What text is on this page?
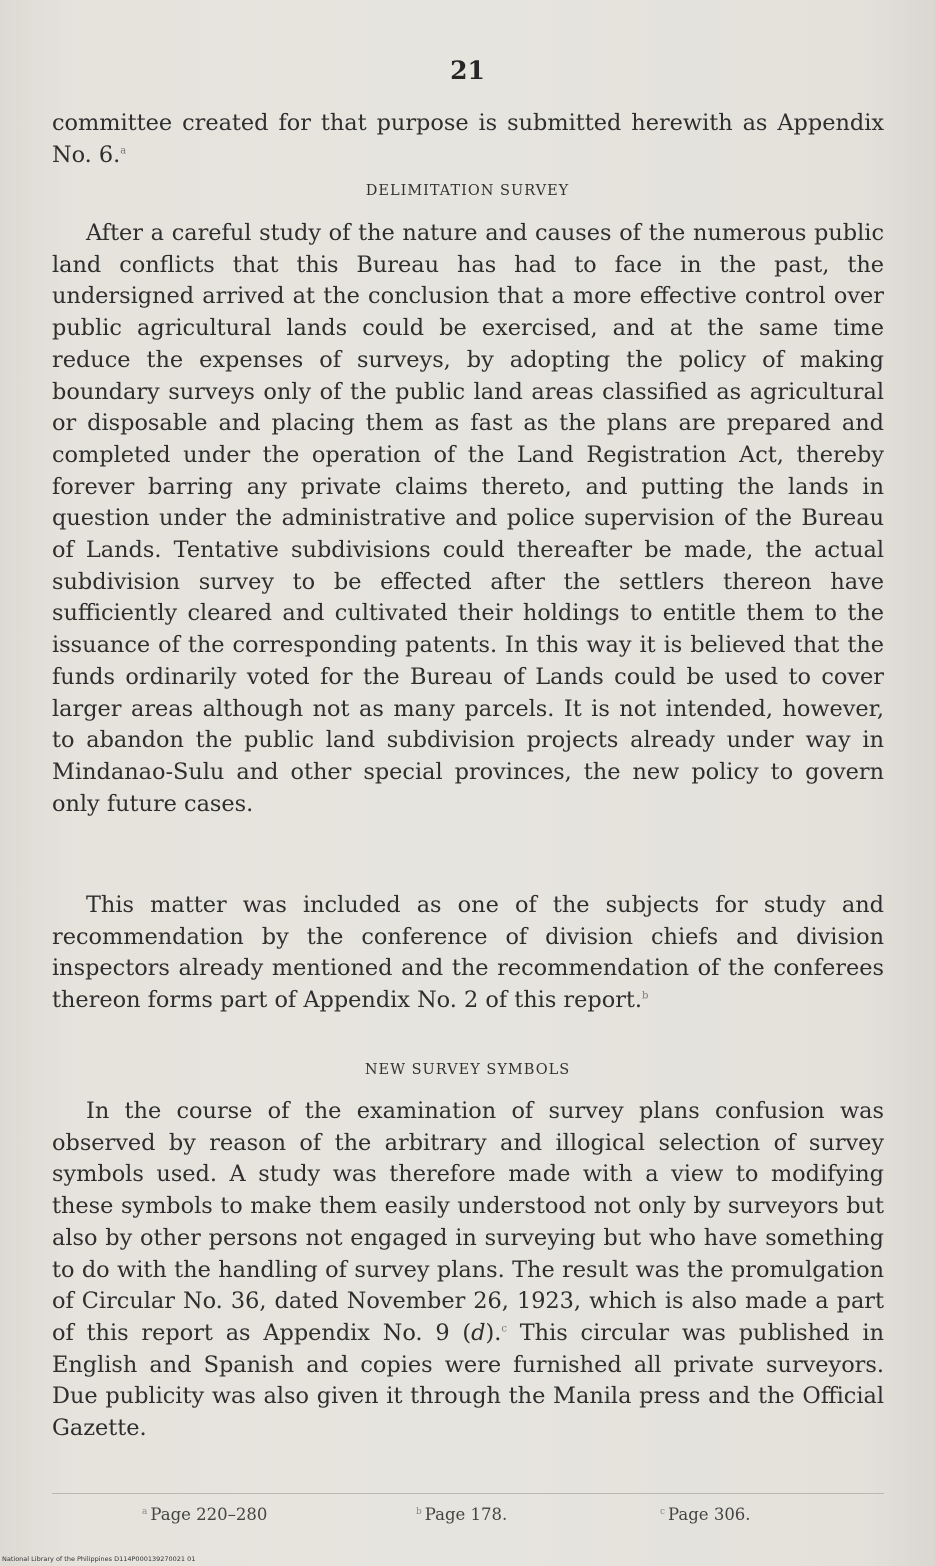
21

committee created for that purpose is submitted herewith as Appendix No. 6.$^a$

DELIMITATION SURVEY

After a careful study of the nature and causes of the numerous public land conflicts that this Bureau has had to face in the past, the undersigned arrived at the conclusion that a more effective control over public agricultural lands could be exercised, and at the same time reduce the expenses of surveys, by adopting the policy of making boundary surveys only of the public land areas classified as agricultural or disposable and placing them as fast as the plans are prepared and completed under the operation of the Land Registration Act, thereby forever barring any private claims thereto, and putting the lands in question under the administrative and police supervision of the Bureau of Lands. Tentative subdivisions could thereafter be made, the actual subdivision survey to be effected after the settlers thereon have sufficiently cleared and cultivated their holdings to entitle them to the issuance of the corresponding patents. In this way it is believed that the funds ordinarily voted for the Bureau of Lands could be used to cover larger areas although not as many parcels. It is not intended, however, to abandon the public land subdivision projects already under way in Mindanao-Sulu and other special provinces, the new policy to govern only future cases.

This matter was included as one of the subjects for study and recommendation by the conference of division chiefs and division inspectors already mentioned and the recommendation of the conferees thereon forms part of Appendix No. 2 of this report.$^b$

NEW SURVEY SYMBOLS

In the course of the examination of survey plans confusion was observed by reason of the arbitrary and illogical selection of survey symbols used. A study was therefore made with a view to modifying these symbols to make them easily understood not only by surveyors but also by other persons not engaged in surveying but who have something to do with the handling of survey plans. The result was the promulgation of Circular No. 36, dated November 26, 1923, which is also made a part of this report as Appendix No. 9 (d).$^c$ This circular was published in English and Spanish and copies were furnished all private surveyors. Due publicity was also given it through the Manila press and the Official Gazette.

$^a$ Page 220–280	$^b$ Page 178.	$^c$ Page 306.
National Library of the Philippines D114P000139270021 01
